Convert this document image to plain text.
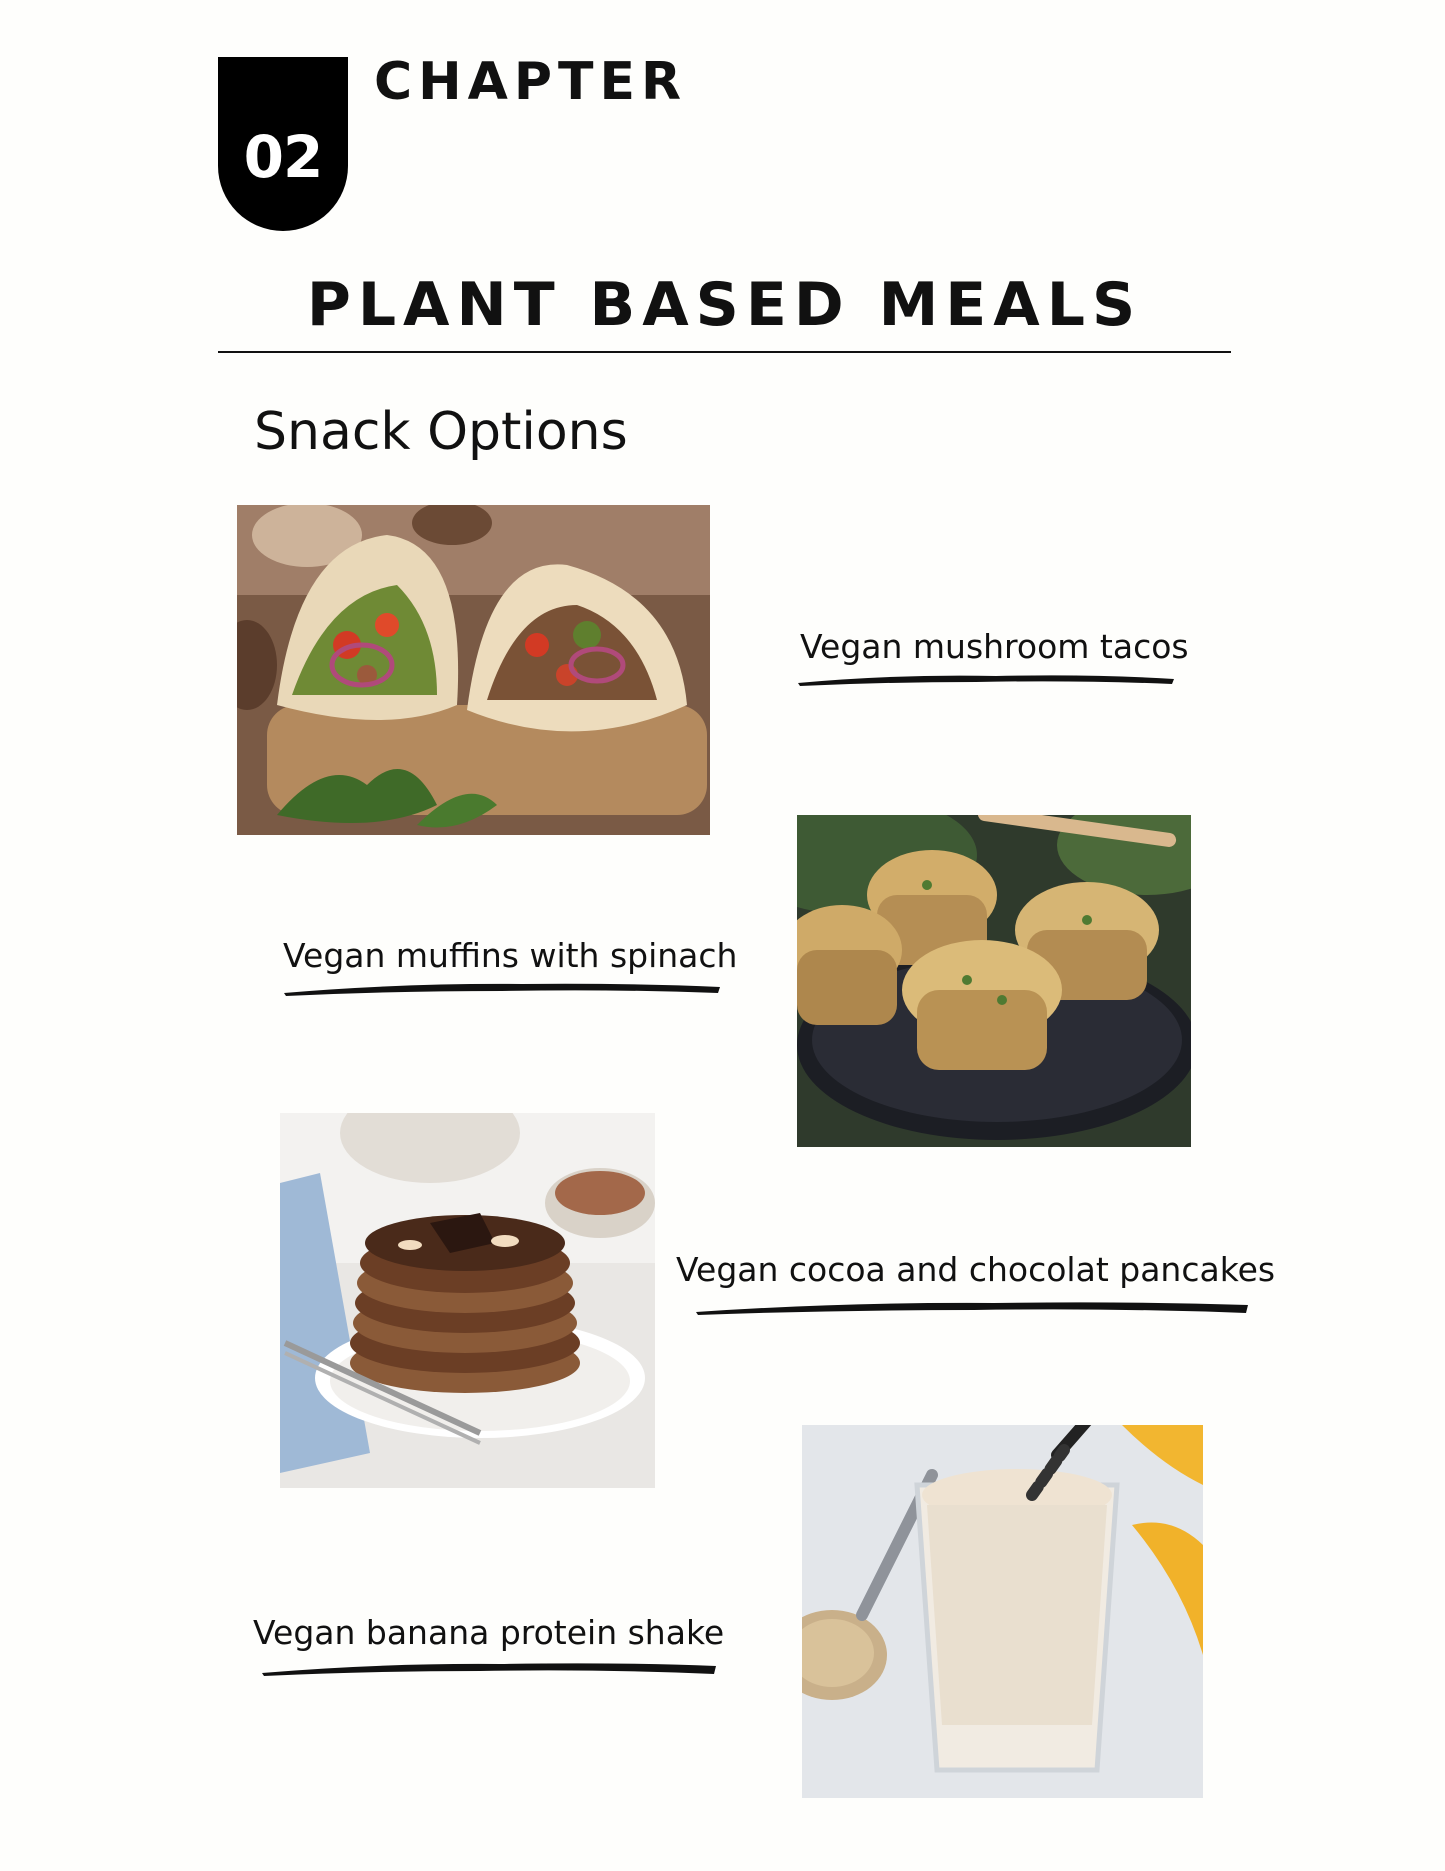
02
CHAPTER
PLANT BASED MEALS
Snack Options
Vegan mushroom tacos
Vegan muffins with spinach
Vegan cocoa and chocolat pancakes
Vegan banana protein shake
